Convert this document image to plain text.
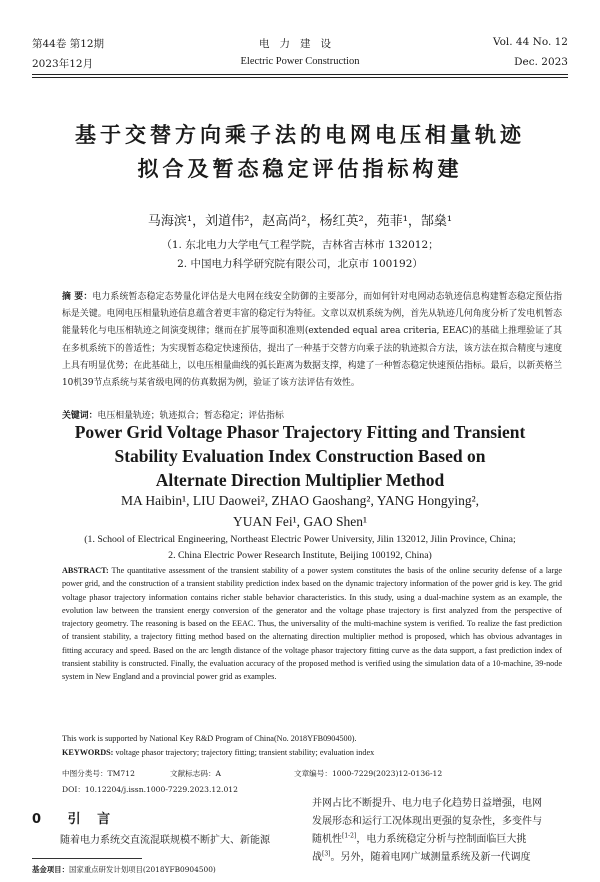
第44卷 第12期
2023年12月
电力建设
Electric Power Construction
Vol. 44 No. 12
Dec. 2023
基于交替方向乘子法的电网电压相量轨迹
拟合及暂态稳定评估指标构建
马海滨¹，刘道伟²，赵高尚²，杨红英²，苑菲¹，郜燊¹
（1. 东北电力大学电气工程学院，吉林省吉林市 132012；
2. 中国电力科学研究院有限公司，北京市 100192）
摘 要：电力系统暂态稳定态势量化评估是大电网在线安全防御的主要部分，而如何针对电网动态轨迹信息构建暂态稳定预估指标是关键。电网电压相量轨迹信息蕴含着更丰富的稳定行为特征。文章以双机系统为例，首先从轨迹几何角度分析了发电机暂态能量转化与电压相轨迹之间演变规律；继而在扩展等面积准则(extended equal area criteria, EEAC)的基础上推理验证了其在多机系统下的普适性；为实现暂态稳定快速预估，提出了一种基于交替方向乘子法的轨迹拟合方法，该方法在拟合精度与速度上具有明显优势；在此基础上，以电压相量曲线的弧长距离为数据支撑，构建了一种暂态稳定快速预估指标。最后，以新英格兰10机39节点系统与某省级电网的仿真数据为例，验证了该方法评估有效性。
关键词：电压相量轨迹；轨迹拟合；暂态稳定；评估指标
Power Grid Voltage Phasor Trajectory Fitting and Transient
Stability Evaluation Index Construction Based on
Alternate Direction Multiplier Method
MA Haibin¹, LIU Daowei², ZHAO Gaoshang², YANG Hongying²,
YUAN Fei¹, GAO Shen¹
(1. School of Electrical Engineering, Northeast Electric Power University, Jilin 132012, Jilin Province, China;
2. China Electric Power Research Institute, Beijing 100192, China)
ABSTRACT: The quantitative assessment of the transient stability of a power system constitutes the basis of the online security defense of a large power grid, and the construction of a transient stability prediction index based on the dynamic trajectory information of the power grid is key. The grid voltage phasor trajectory information contains richer stable behavior characteristics. In this study, using a dual-machine system as an example, the evolution law between the transient energy conversion of the generator and the voltage phase trajectory is first analyzed from the perspective of trajectory geometry. The reasoning is based on the EEAC. Thus, the universality of the multi-machine system is verified. To realize the fast prediction of transient stability, a trajectory fitting method based on the alternating direction multiplier method is proposed, which has obvious advantages in fitting accuracy and speed. Based on the arc length distance of the voltage phasor trajectory fitting curve as the data support, a fast prediction index of transient stability is constructed. Finally, the evaluation accuracy of the proposed method is verified using the simulation data of a 10-machine, 39-node system in New England and a provincial power grid as examples.
This work is supported by National Key R&D Program of China(No. 2018YFB0904500).
KEYWORDS: voltage phasor trajectory; trajectory fitting; transient stability; evaluation index
中图分类号：TM712	文献标志码：A	文章编号：1000-7229(2023)12-0136-12
DOI：10.12204/j.issn.1000-7229.2023.12.012
0 引 言
随着电力系统交直流混联规模不断扩大、新能源
并网占比不断提升、电力电子化趋势日益增强，电网
发展形态和运行工况体现出更强的复杂性，多变件与
随机性[1-2]，电力系统稳定分析与控制面临巨大挑
战[3]。另外，随着电网广域测量系统及新一代调度
基金项目：国家重点研发计划项目(2018YFB0904500)
